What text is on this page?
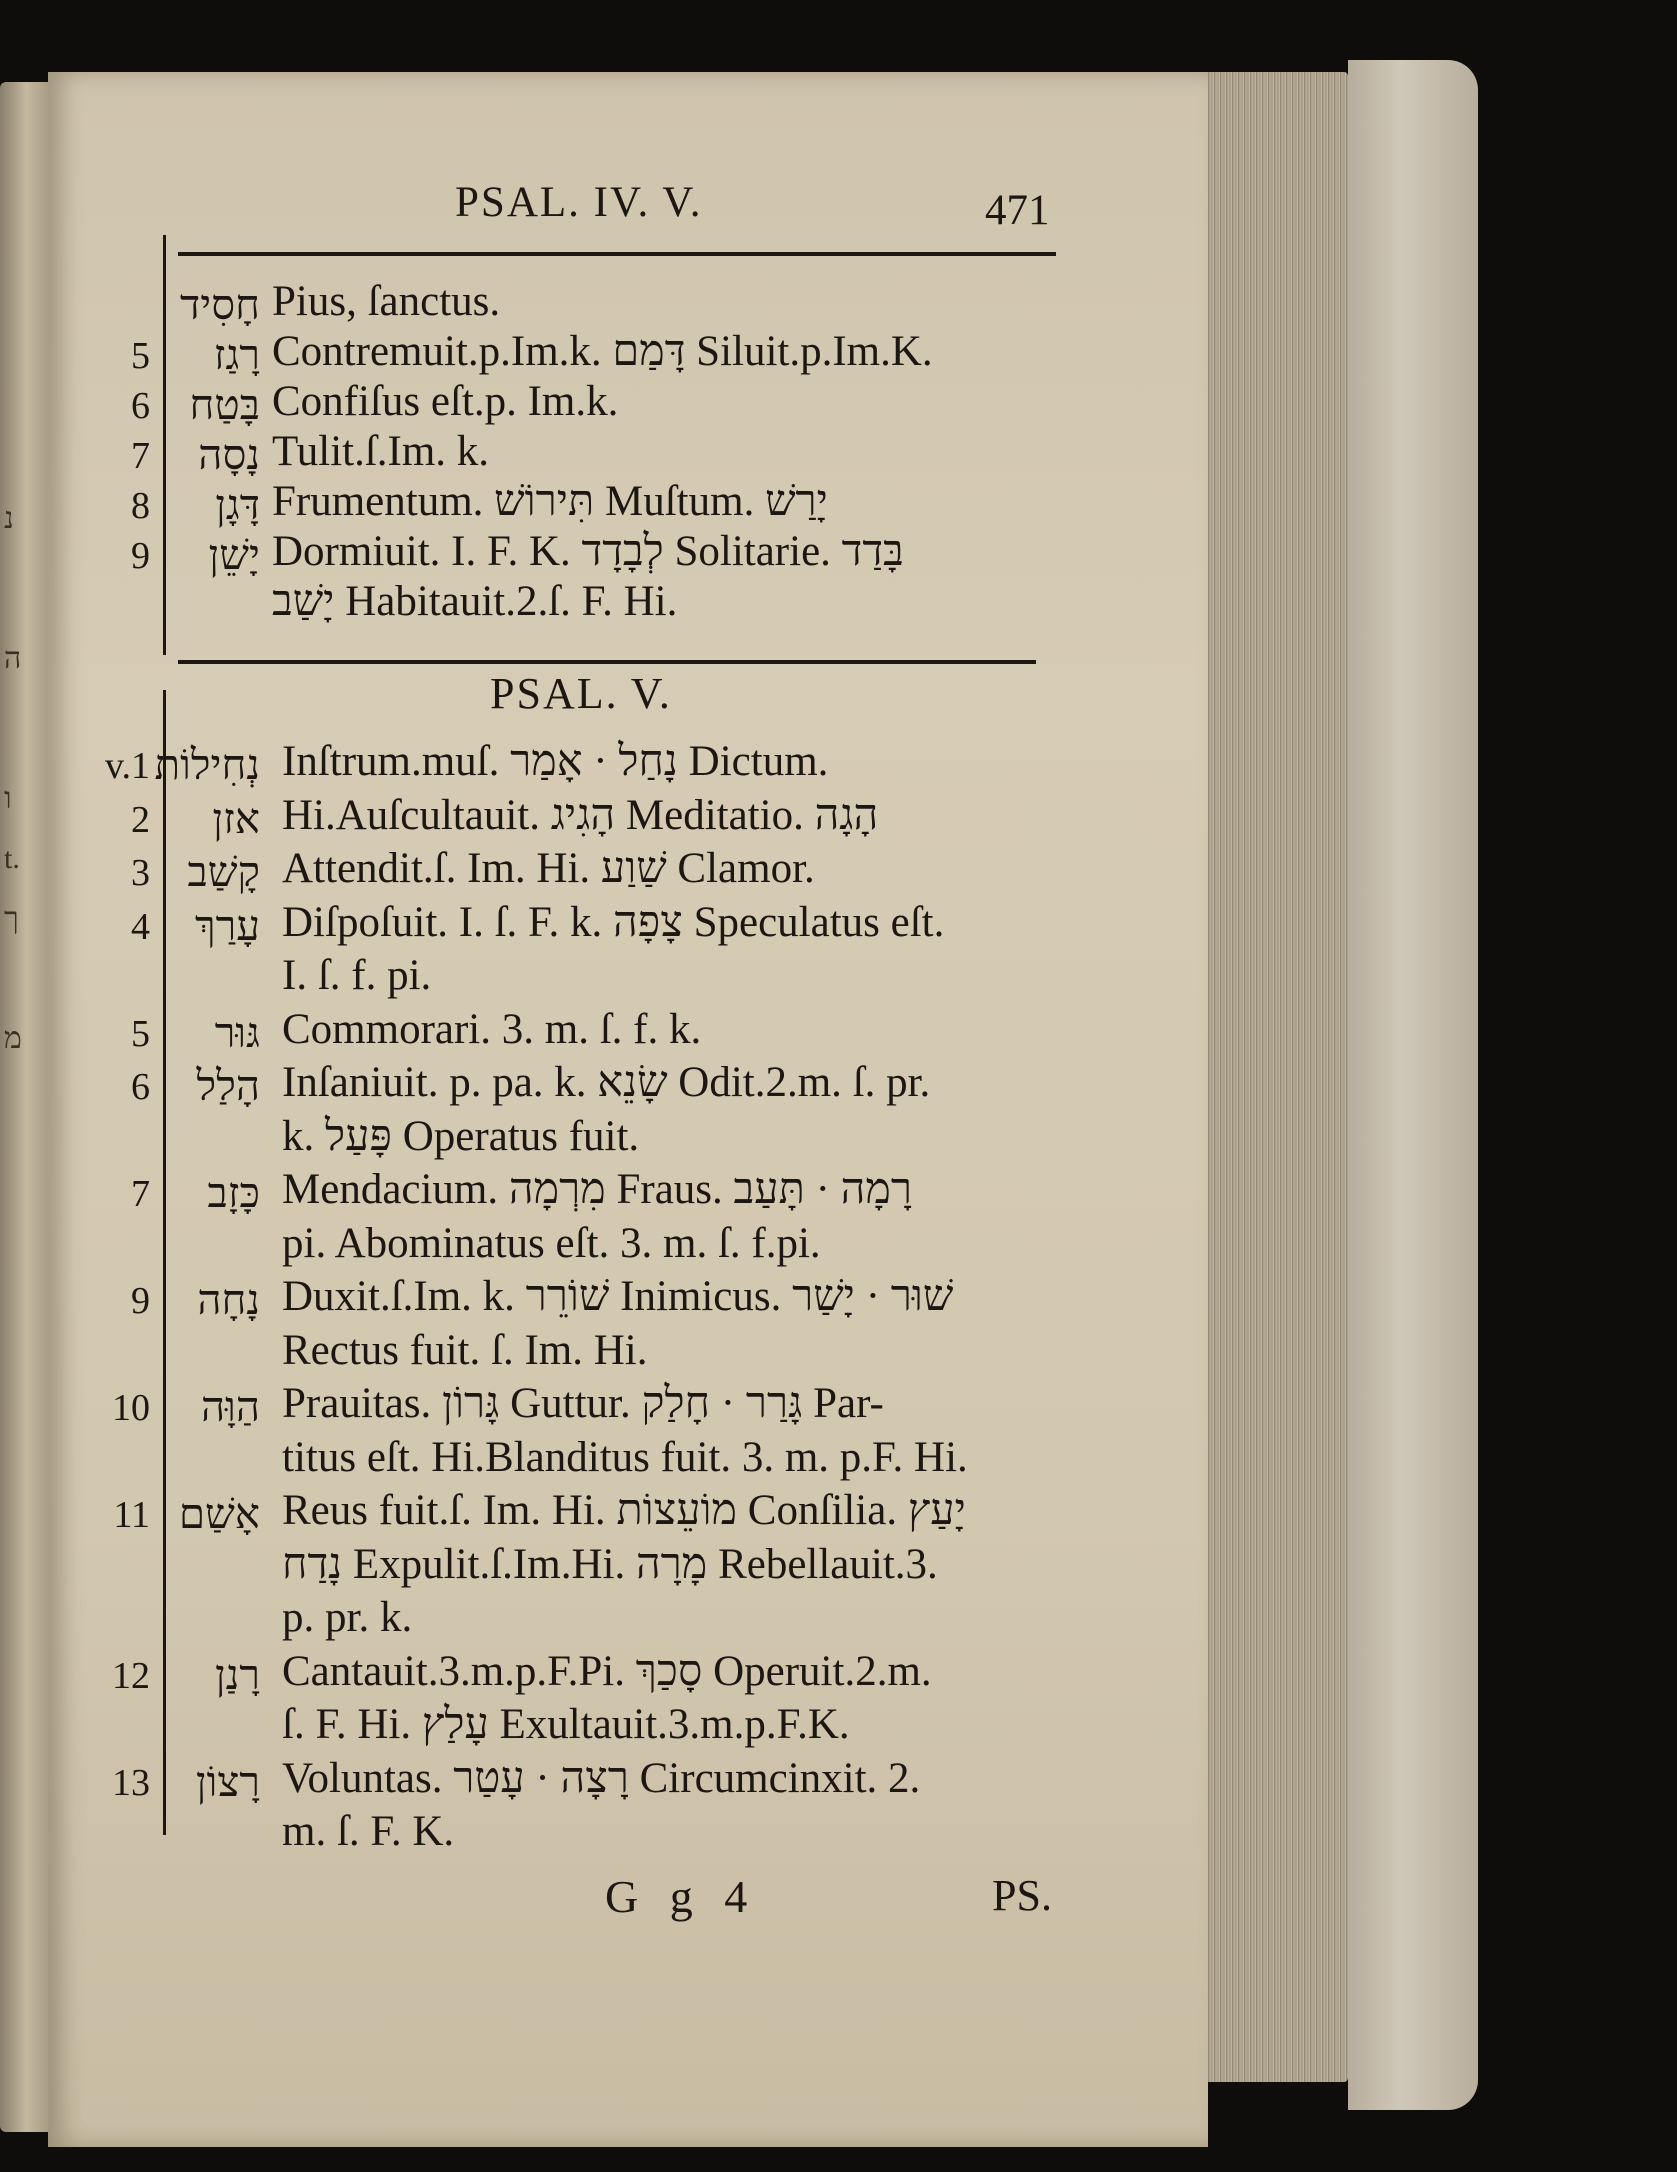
נ
ה
ו
t.
ך
מ
PSAL. IV. V.	471
חָסִיד Pius, ſanctus.
5 רָגַז Contremuit.p.Im.k. דָּמַם Siluit.p.Im.K.
6 בָּטַח Confiſus eſt.p. Im.k.
7 נָסָה Tulit.ſ.Im. k.
8 דָּגָן Frumentum. תִּירוֹשׁ Muſtum. יָרַשׁ
9 יָשֵׁן Dormiuit. I. F. K. לְבָדָד Solitarie. בָּדַד
יָשַׁב Habitauit.2.ſ. F. Hi.
PSAL. V.
v.1 נְחִילוֹת Inſtrum.muſ. נָחַל · אָמַר Dictum.
2 אזן Hi.Auſcultauit. הָגִיג Meditatio. הָגָה
3 קָשַׁב Attendit.ſ. Im. Hi. שַׁוַע Clamor.
4 עָרַךְ Diſpoſuit. I. ſ. F. k. צָפָה Speculatus eſt.
I. ſ. f. pi.
5 גּוּר Commorari. 3. m. ſ. f. k.
6 הָלַל Inſaniuit. p. pa. k. שָׂנֵא Odit.2.m. ſ. pr.
k. פָּעַל Operatus fuit.
7 כָּזָב Mendacium. מִרְמָה Fraus. רָמָה · תָּעַב
pi. Abominatus eſt. 3. m. ſ. f.pi.
9 נָחָה Duxit.ſ.Im. k. שׁוֹרֵר Inimicus. שׁוּר · יָשַׁר
Rectus fuit. ſ. Im. Hi.
10 הַוָּה Prauitas. גָּרוֹן Guttur. גָּרַר · חָלַק Par-
titus eſt. Hi.Blanditus fuit. 3. m. p.F. Hi.
11 אָשַׁם Reus fuit.ſ. Im. Hi. מוֹעֵצוֹת Conſilia. יָעַץ
נָדַח Expulit.ſ.Im.Hi. מָרָה Rebellauit.3.
p. pr. k.
12 רָנַן Cantauit.3.m.p.F.Pi. סָכַךְ Operuit.2.m.
ſ. F. Hi. עָלַץ Exultauit.3.m.p.F.K.
13 רָצוֹן Voluntas. רָצָה · עָטַר Circumcinxit. 2.
m. ſ. F. K.
G g 4	PS.
